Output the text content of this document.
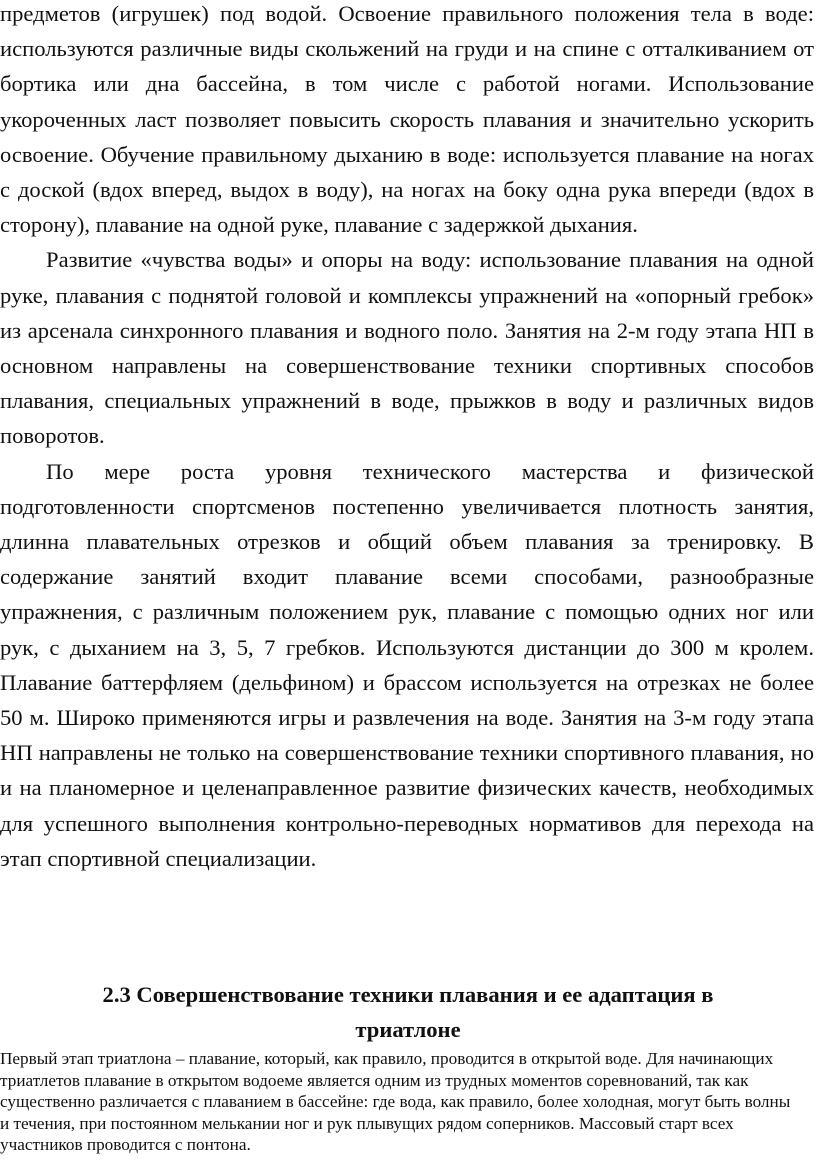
предметов (игрушек) под водой. Освоение правильного положения тела в воде: используются различные виды скольжений на груди и на спине с отталкиванием от бортика или дна бассейна, в том числе с работой ногами. Использование укороченных ласт позволяет повысить скорость плавания и значительно ускорить освоение. Обучение правильному дыханию в воде: используется плавание на ногах с доской (вдох вперед, выдох в воду), на ногах на боку одна рука впереди (вдох в сторону), плавание на одной руке, плавание с задержкой дыхания.

Развитие «чувства воды» и опоры на воду: использование плавания на одной руке, плавания с поднятой головой и комплексы упражнений на «опорный гребок» из арсенала синхронного плавания и водного поло. Занятия на 2-м году этапа НП в основном направлены на совершенствование техники спортивных способов плавания, специальных упражнений в воде, прыжков в воду и различных видов поворотов.

По мере роста уровня технического мастерства и физической подготовленности спортсменов постепенно увеличивается плотность занятия, длинна плавательных отрезков и общий объем плавания за тренировку. В содержание занятий входит плавание всеми способами, разнообразные упражнения, с различным положением рук, плавание с помощью одних ног или рук, с дыханием на 3, 5, 7 гребков. Используются дистанции до 300 м кролем. Плавание баттерфляем (дельфином) и брассом используется на отрезках не более 50 м. Широко применяются игры и развлечения на воде. Занятия на 3-м году этапа НП направлены не только на совершенствование техники спортивного плавания, но и на планомерное и целенаправленное развитие физических качеств, необходимых для успешного выполнения контрольно-переводных нормативов для перехода на этап спортивной специализации.

2.3 Совершенствование техники плавания и ее адаптация в
триатлоне

Первый этап триатлона – плавание, который, как правило, проводится в открытой воде. Для начинающих триатлетов плавание в открытом водоеме является одним из трудных моментов соревнований, так как существенно различается с плаванием в бассейне: где вода, как правило, более холодная, могут быть волны и течения, при постоянном мелькании ног и рук плывущих рядом соперников. Массовый старт всех участников проводится с понтона.
